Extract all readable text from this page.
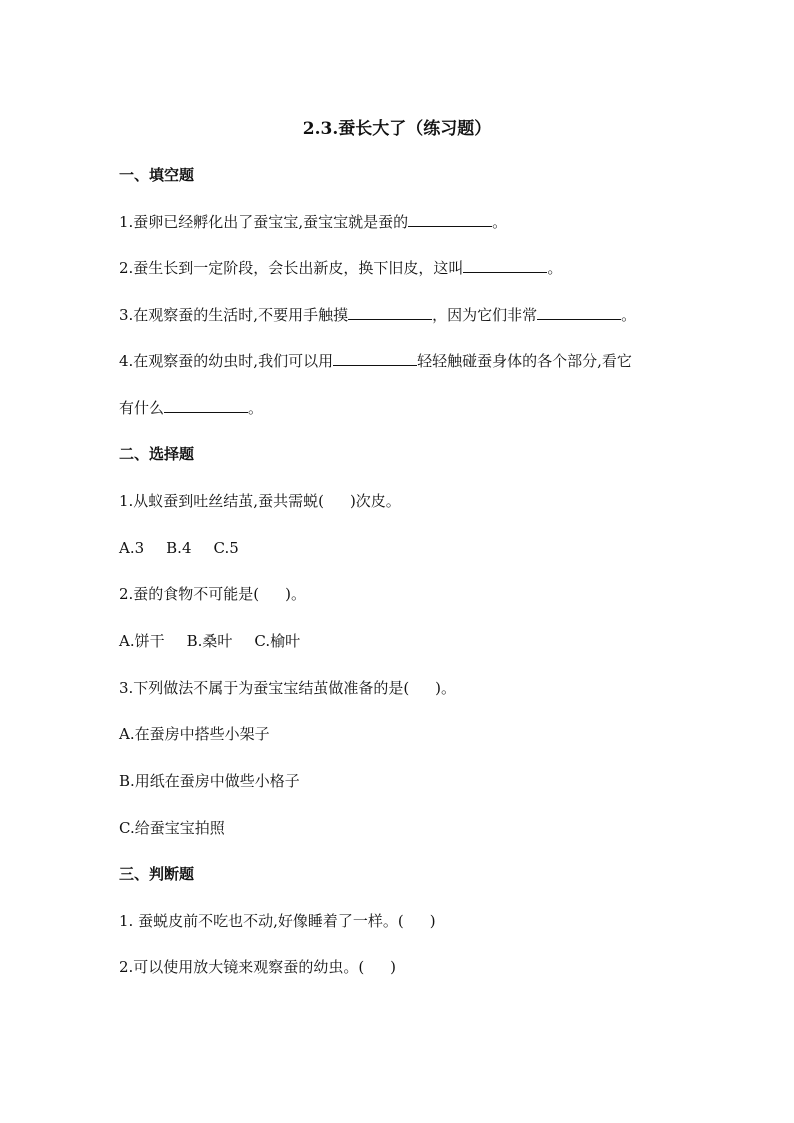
2.3.蚕长大了（练习题）
一、填空题
1.蚕卵已经孵化出了蚕宝宝,蚕宝宝就是蚕的	。
2.蚕生长到一定阶段，会长出新皮，换下旧皮，这叫	。
3.在观察蚕的生活时,不要用手触摸	，因为它们非常	。
4.在观察蚕的幼虫时,我们可以用	轻轻触碰蚕身体的各个部分,看它
有什么	。
二、选择题
1.从蚁蚕到吐丝结茧,蚕共需蜕( )次皮。
A.3 B.4 C.5
2.蚕的食物不可能是( )。
A.饼干 B.桑叶 C.榆叶
3.下列做法不属于为蚕宝宝结茧做准备的是( )。
A.在蚕房中搭些小架子
B.用纸在蚕房中做些小格子
C.给蚕宝宝拍照
三、判断题
1. 蚕蜕皮前不吃也不动,好像睡着了一样。( )
2.可以使用放大镜来观察蚕的幼虫。( )
